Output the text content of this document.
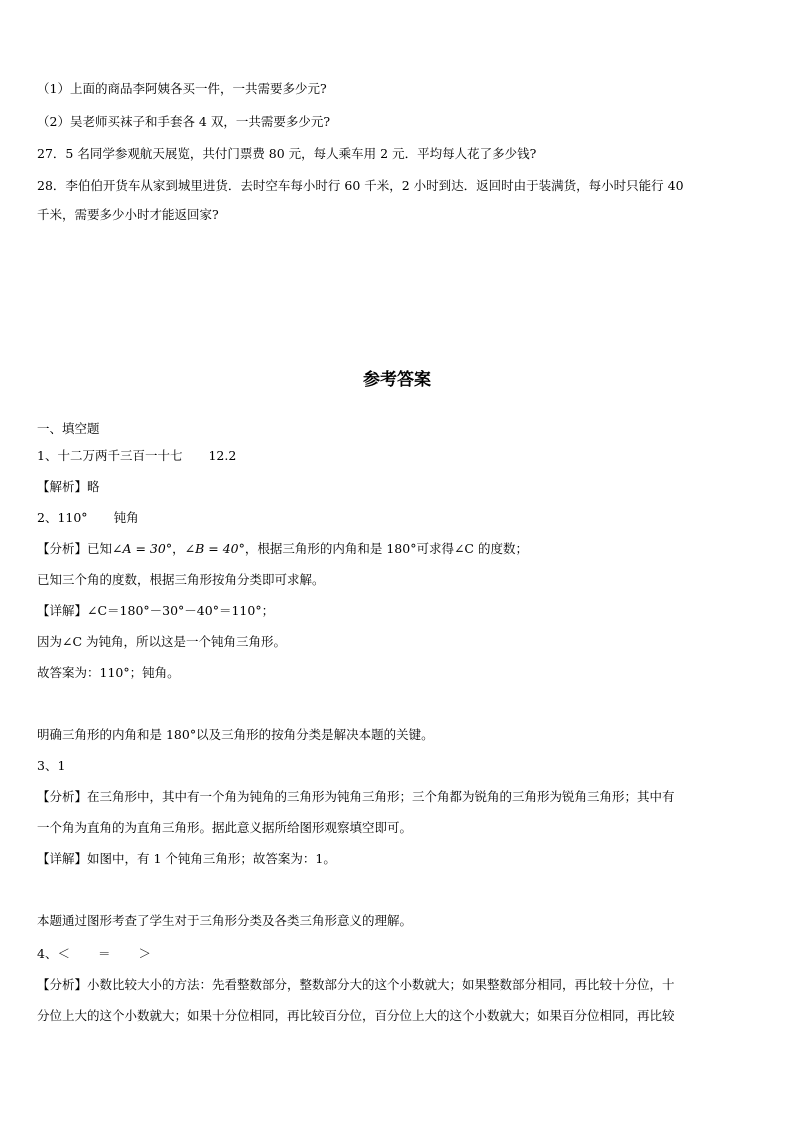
（1）上面的商品李阿姨各买一件，一共需要多少元?
（2）吴老师买袜子和手套各 4 双，一共需要多少元?
27．5 名同学参观航天展览，共付门票费 80 元，每人乘车用 2 元．平均每人花了多少钱?
28．李伯伯开货车从家到城里进货．去时空车每小时行 60 千米，2 小时到达．返回时由于装满货，每小时只能行 40
千米，需要多少小时才能返回家?
参考答案
一、填空题
1、十二万两千三百一十七 12.2
【解析】略
2、110° 钝角
【分析】已知∠A = 30°，∠B = 40°，根据三角形的内角和是 180°可求得∠C 的度数；
已知三个角的度数，根据三角形按角分类即可求解。
【详解】∠C＝180°－30°－40°＝110°；
因为∠C 为钝角，所以这是一个钝角三角形。
故答案为：110°；钝角。
明确三角形的内角和是 180°以及三角形的按角分类是解决本题的关键。
3、1
【分析】在三角形中，其中有一个角为钝角的三角形为钝角三角形；三个角都为锐角的三角形为锐角三角形；其中有
一个角为直角的为直角三角形。据此意义据所给图形观察填空即可。
【详解】如图中，有 1 个钝角三角形；故答案为：1。
本题通过图形考查了学生对于三角形分类及各类三角形意义的理解。
4、＜ ＝ ＞
【分析】小数比较大小的方法：先看整数部分，整数部分大的这个小数就大；如果整数部分相同，再比较十分位，十
分位上大的这个小数就大；如果十分位相同，再比较百分位，百分位上大的这个小数就大；如果百分位相同，再比较
